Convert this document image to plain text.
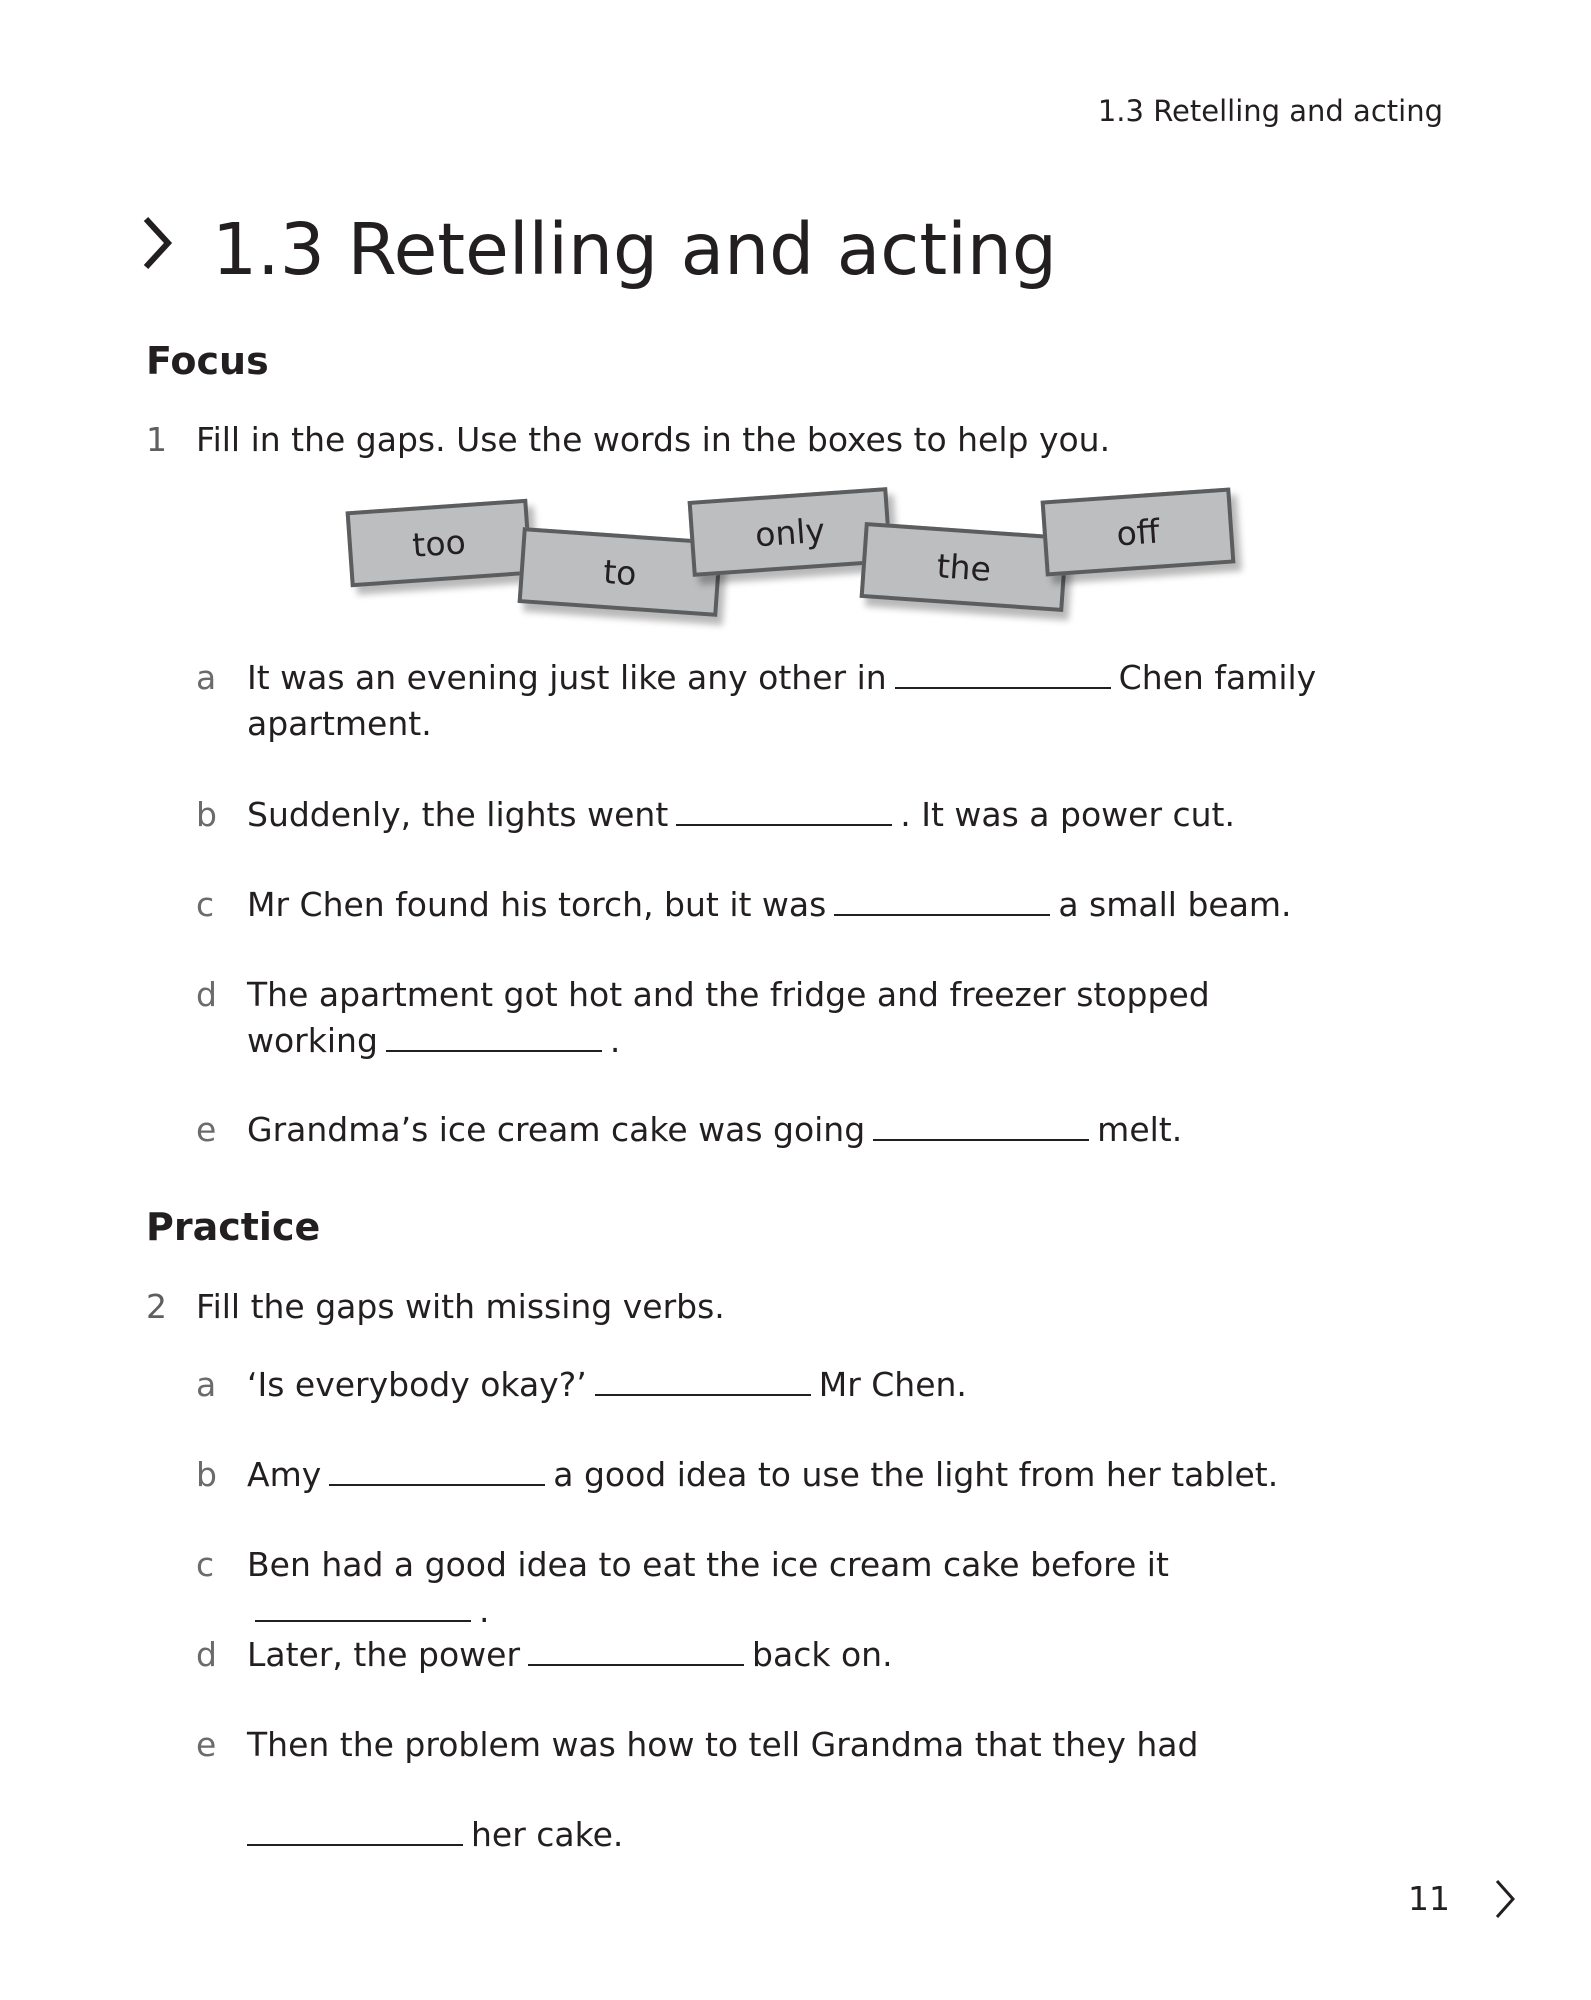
1.3 Retelling and acting
1.3 Retelling and acting
Focus
1 Fill in the gaps. Use the words in the boxes to help you.
too
to
only
the
off
a It was an evening just like any other in	Chen family apartment.
b Suddenly, the lights went	. It was a power cut.
c Mr Chen found his torch, but it was	a small beam.
d The apartment got hot and the fridge and freezer stopped working	.
e Grandma’s ice cream cake was going	melt.
Practice
2 Fill the gaps with missing verbs.
a ‘Is everybody okay?’	Mr Chen.
b Amy	a good idea to use the light from her tablet.
c Ben had a good idea to eat the ice cream cake before it.
d Later, the power	back on.
e Then the problem was how to tell Grandma that they had
her cake.
11
